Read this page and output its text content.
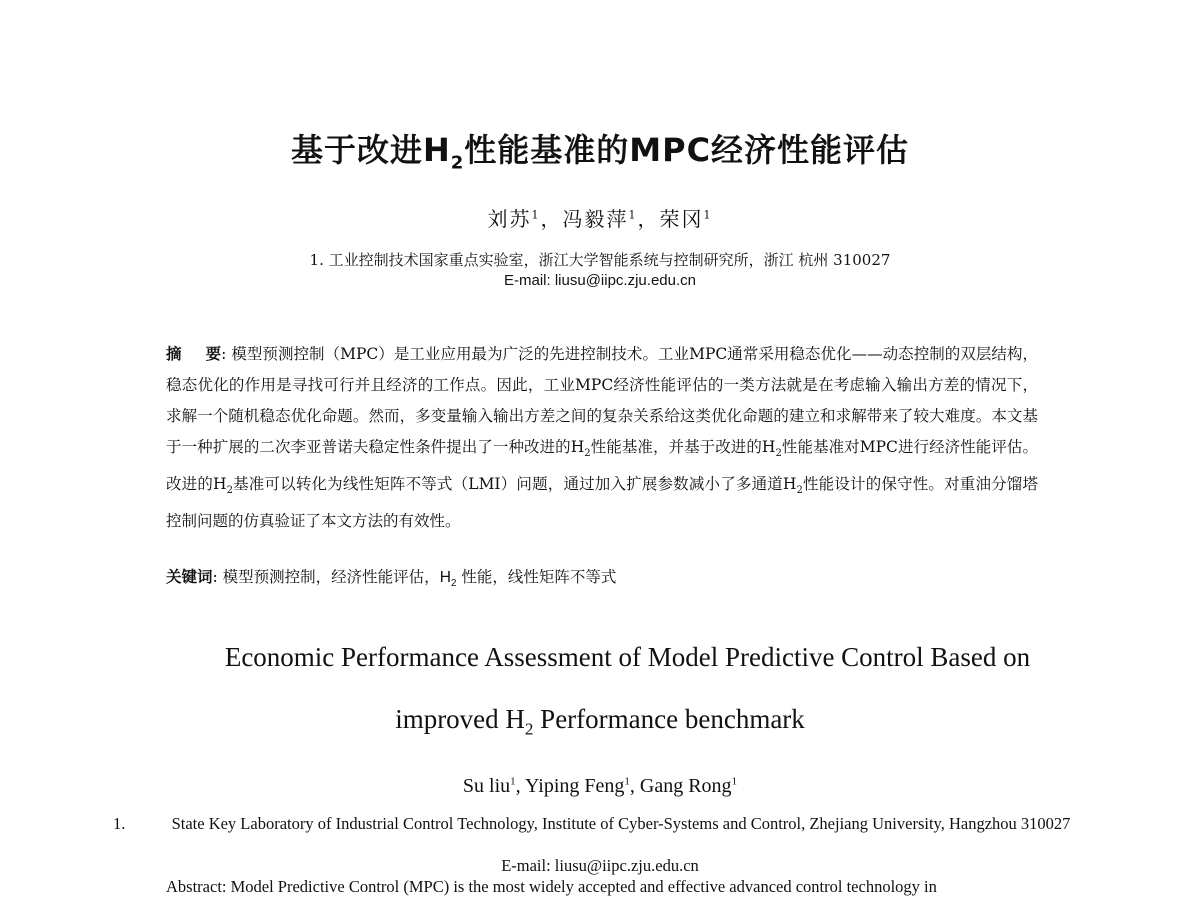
基于改进$H_2$性能基准的MPC经济性能评估
刘苏$^1$，冯毅萍$^1$，荣冈$^1$
1. 工业控制技术国家重点实验室，浙江大学智能系统与控制研究所，浙江 杭州 310027
E-mail: liusu@iipc.zju.edu.cn
摘 要: 模型预测控制（MPC）是工业应用最为广泛的先进控制技术。工业MPC通常采用稳态优化——动态控制的双层结构，稳态优化的作用是寻找可行并且经济的工作点。因此，工业MPC经济性能评估的一类方法就是在考虑输入输出方差的情况下，求解一个随机稳态优化命题。然而，多变量输入输出方差之间的复杂关系给这类优化命题的建立和求解带来了较大难度。本文基于一种扩展的二次李亚普诺夫稳定性条件提出了一种改进的$H_2$性能基准，并基于改进的$H_2$性能基准对MPC进行经济性能评估。改进的$H_2$基准可以转化为线性矩阵不等式（LMI）问题，通过加入扩展参数减小了多通道$H_2$性能设计的保守性。对重油分馏塔控制问题的仿真验证了本文方法的有效性。
关键词: 模型预测控制，经济性能评估，$H_2$ 性能，线性矩阵不等式
Economic Performance Assessment of Model Predictive Control Based on
improved $H_2$ Performance benchmark
Su liu$^1$, Yiping Feng$^1$, Gang Rong$^1$
1.	State Key Laboratory of Industrial Control Technology, Institute of Cyber-Systems and Control, Zhejiang University, Hangzhou 310027
E-mail: liusu@iipc.zju.edu.cn
Abstract: Model Predictive Control (MPC) is the most widely accepted and effective advanced control technology in
